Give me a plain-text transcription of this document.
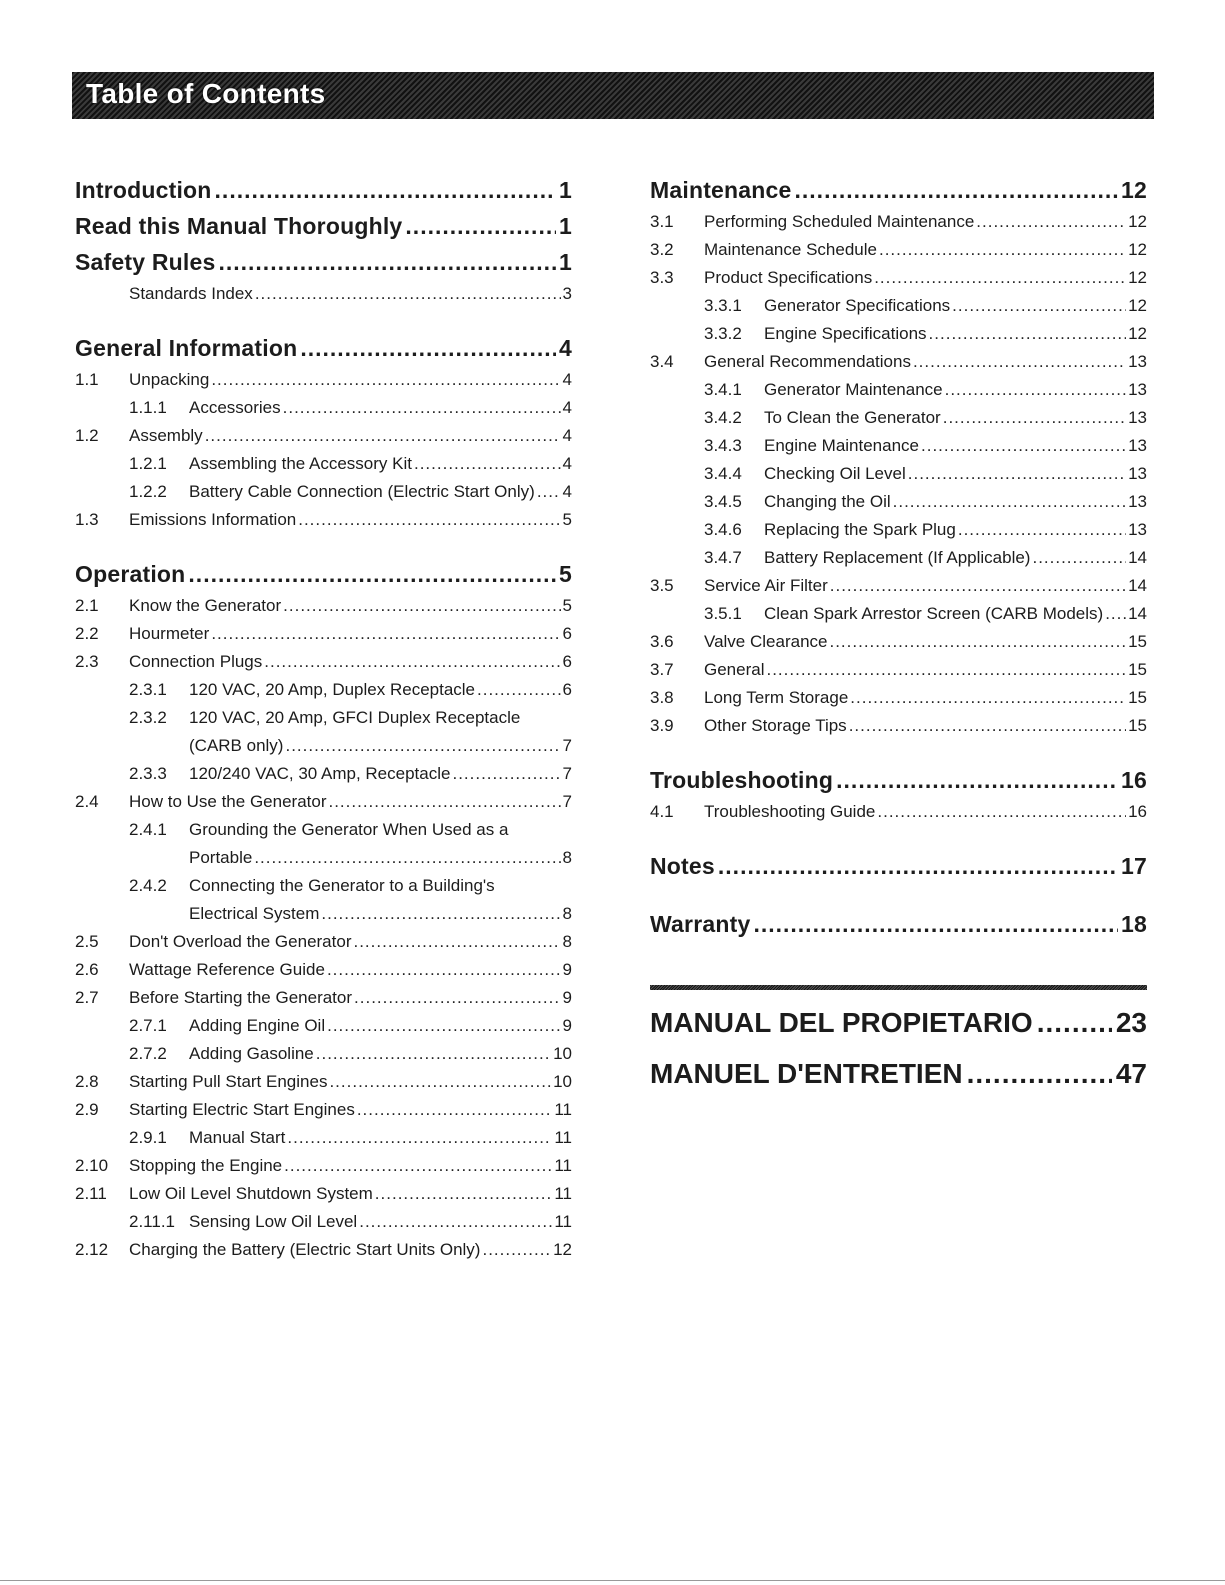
Table of Contents
Introduction .....	1
Read this Manual Thoroughly .....	1
Safety Rules .....	1
Standards Index .....	3
General Information .....	4
1.1	Unpacking .....	4
1.1.1	Accessories .....	4
1.2	Assembly .....	4
1.2.1	Assembling the Accessory Kit .....	4
1.2.2	Battery Cable Connection (Electric Start Only) ..... 4
1.3	Emissions Information .....	5
Operation .....	5
2.1	Know the Generator .....	5
2.2	Hourmeter .....	6
2.3	Connection Plugs .....	6
2.3.1	120 VAC, 20 Amp, Duplex Receptacle .....	6
2.3.2	120 VAC, 20 Amp, GFCI Duplex Receptacle
(CARB only) .....	7
2.3.3	120/240 VAC, 30 Amp, Receptacle .....	7
2.4	How to Use the Generator .....	7
2.4.1	Grounding the Generator When Used as a
Portable .....	8
2.4.2	Connecting the Generator to a Building's
Electrical System .....	8
2.5	Don't Overload the Generator .....	8
2.6	Wattage Reference Guide .....	9
2.7	Before Starting the Generator .....	9
2.7.1	Adding Engine Oil .....	9
2.7.2	Adding Gasoline .....	10
2.8	Starting Pull Start Engines .....	10
2.9	Starting Electric Start Engines .....	11
2.9.1	Manual Start .....	11
2.10	Stopping the Engine .....	11
2.11	Low Oil Level Shutdown System .....	11
2.11.1 Sensing Low Oil Level .....	11
2.12	Charging the Battery (Electric Start Units Only) .....	12
Maintenance .....	12
3.1	Performing Scheduled Maintenance .....	12
3.2	Maintenance Schedule .....	12
3.3	Product Specifications .....	12
3.3.1	Generator Specifications .....	12
3.3.2	Engine Specifications .....	12
3.4	General Recommendations .....	13
3.4.1	Generator Maintenance .....	13
3.4.2	To Clean the Generator .....	13
3.4.3	Engine Maintenance .....	13
3.4.4	Checking Oil Level .....	13
3.4.5	Changing the Oil .....	13
3.4.6	Replacing the Spark Plug .....	13
3.4.7	Battery Replacement (If Applicable) .....	14
3.5	Service Air Filter .....	14
3.5.1	Clean Spark Arrestor Screen (CARB Models) ..... 14
3.6	Valve Clearance .....	15
3.7	General .....	15
3.8	Long Term Storage .....	15
3.9	Other Storage Tips .....	15
Troubleshooting .....	16
4.1	Troubleshooting Guide .....	16
Notes .....	17
Warranty .....	18
MANUAL DEL PROPIETARIO .....	23
MANUEL D'ENTRETIEN .....	47
